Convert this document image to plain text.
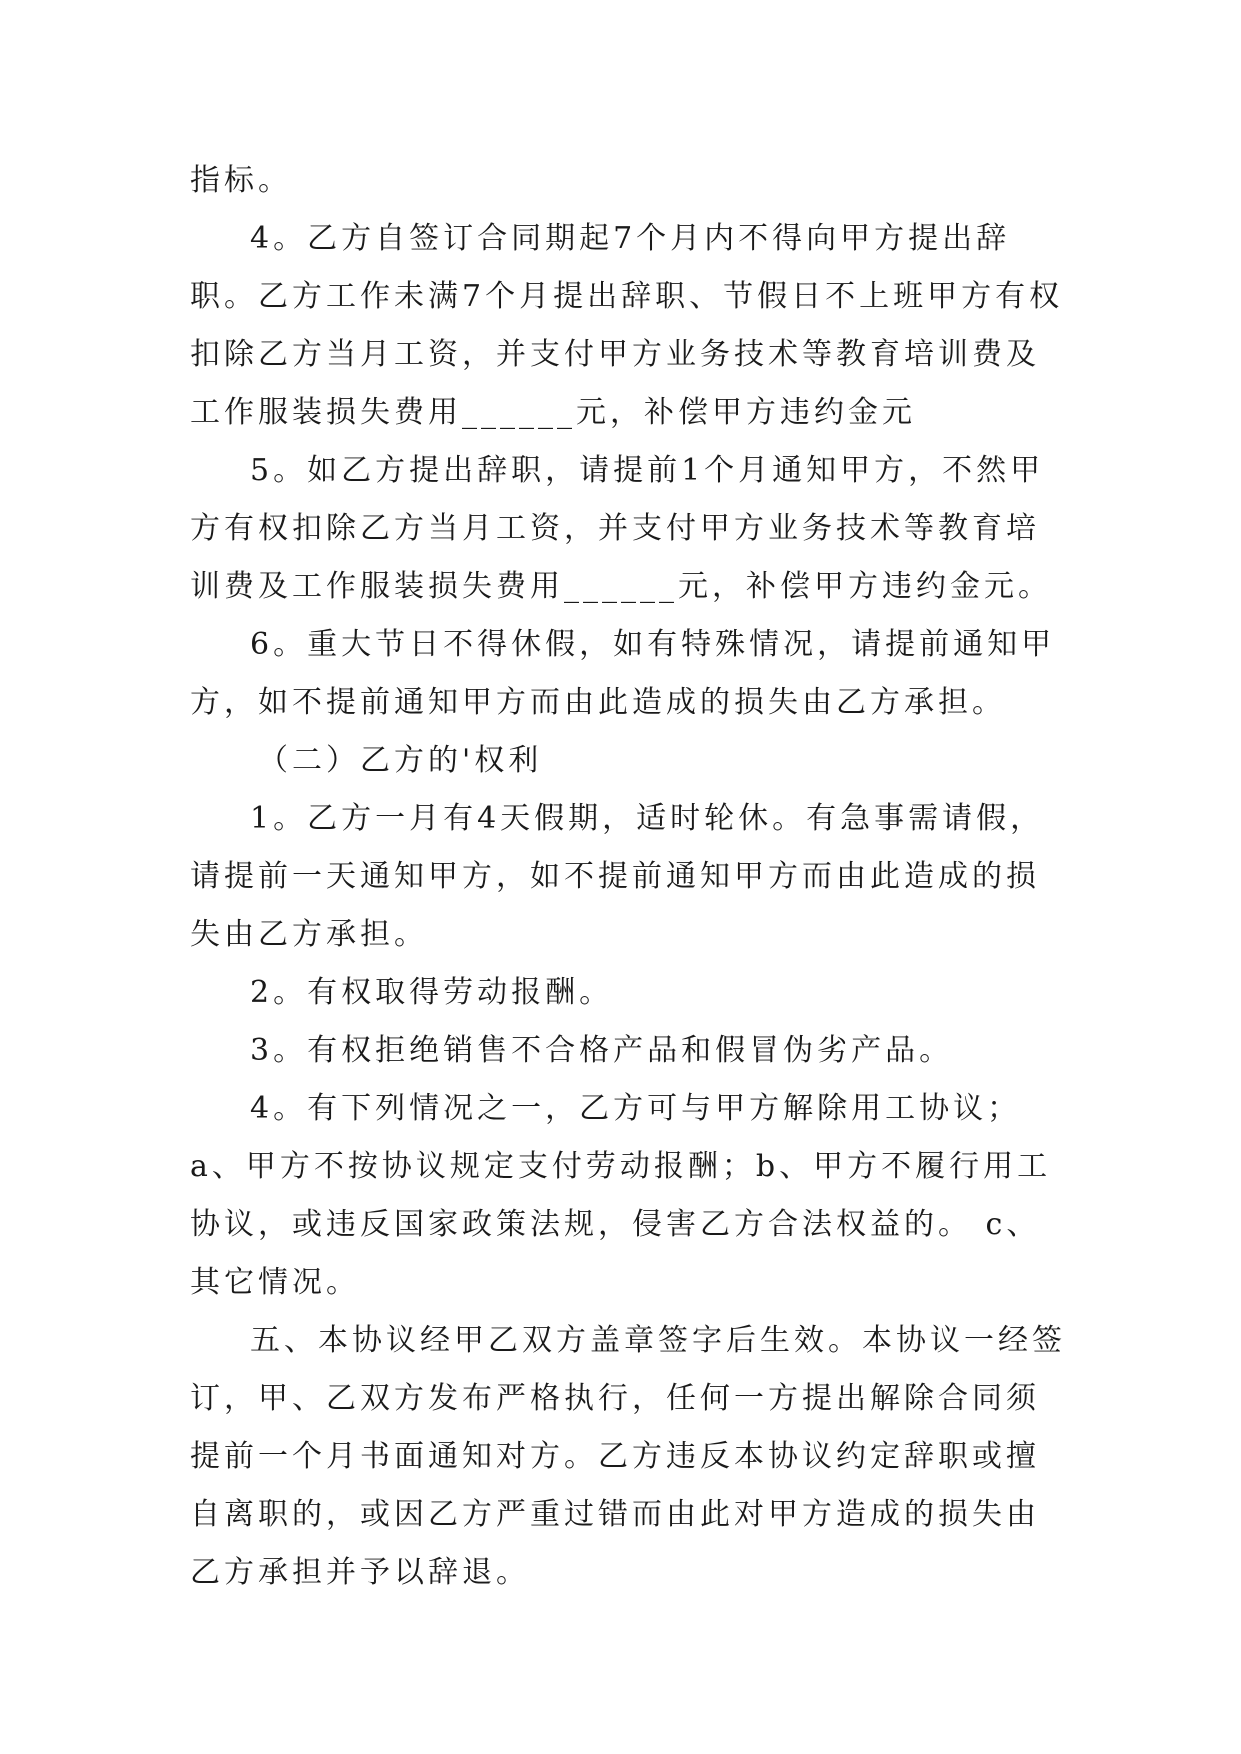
指标。

4。乙方自签订合同期起7个月内不得向甲方提出辞职。乙方工作未满7个月提出辞职、节假日不上班甲方有权扣除乙方当月工资，并支付甲方业务技术等教育培训费及工作服装损失费用______元，补偿甲方违约金元

5。如乙方提出辞职，请提前1个月通知甲方，不然甲方有权扣除乙方当月工资，并支付甲方业务技术等教育培训费及工作服装损失费用______元，补偿甲方违约金元。

6。重大节日不得休假，如有特殊情况，请提前通知甲方，如不提前通知甲方而由此造成的损失由乙方承担。

（二）乙方的'权利

1。乙方一月有4天假期，适时轮休。有急事需请假，请提前一天通知甲方，如不提前通知甲方而由此造成的损失由乙方承担。

2。有权取得劳动报酬。

3。有权拒绝销售不合格产品和假冒伪劣产品。

4。有下列情况之一，乙方可与甲方解除用工协议；a、甲方不按协议规定支付劳动报酬；b、甲方不履行用工协议，或违反国家政策法规，侵害乙方合法权益的。 c、其它情况。

五、本协议经甲乙双方盖章签字后生效。本协议一经签订，甲、乙双方发布严格执行，任何一方提出解除合同须提前一个月书面通知对方。乙方违反本协议约定辞职或擅自离职的，或因乙方严重过错而由此对甲方造成的损失由乙方承担并予以辞退。
